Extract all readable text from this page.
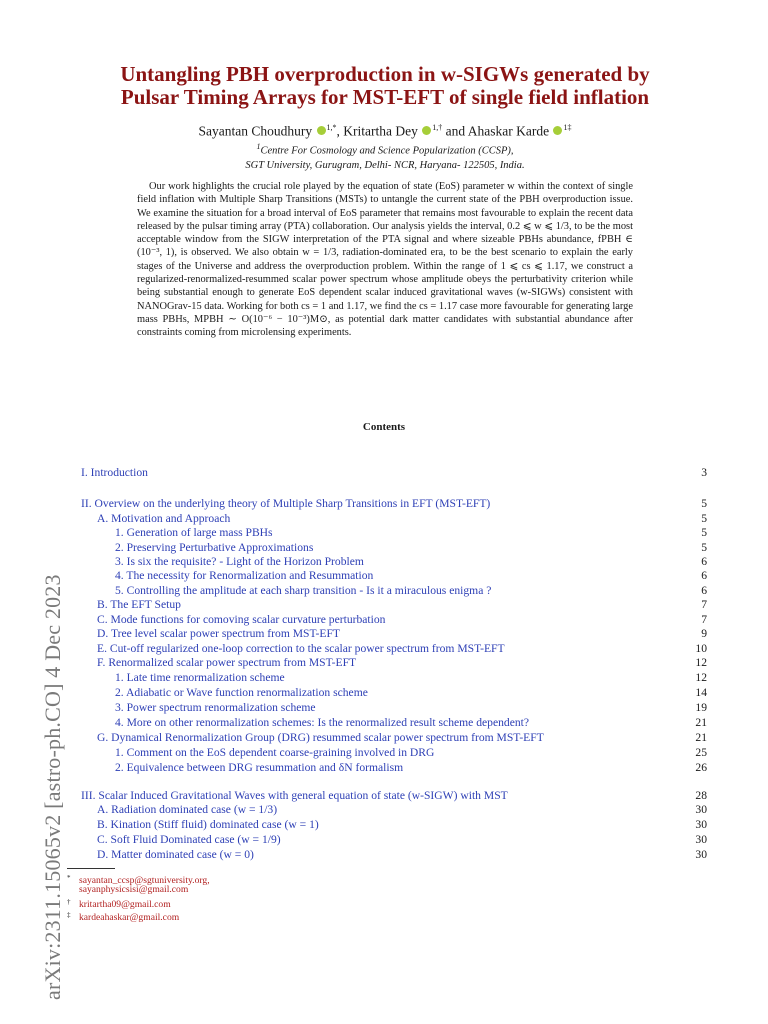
arXiv:2311.15065v2 [astro-ph.CO] 4 Dec 2023
Untangling PBH overproduction in w-SIGWs generated by
Pulsar Timing Arrays for MST-EFT of single field inflation
Sayantan Choudhury $^{1,*}$, Kritartha Dey $^{1,\dagger}$ and Ahaskar Karde $^{1\ddagger}$
$^1$Centre For Cosmology and Science Popularization (CCSP),
SGT University, Gurugram, Delhi- NCR, Haryana- 122505, India.
Our work highlights the crucial role played by the equation of state (EoS) parameter w within the context of single field inflation with Multiple Sharp Transitions (MSTs) to untangle the current state of the PBH overproduction issue. We examine the situation for a broad interval of EoS parameter that remains most favourable to explain the recent data released by the pulsar timing array (PTA) collaboration. Our analysis yields the interval, 0.2 ⩽ w ⩽ 1/3, to be the most acceptable window from the SIGW interpretation of the PTA signal and where sizeable PBHs abundance, fPBH ∈ (10⁻³, 1), is observed. We also obtain w = 1/3, radiation-dominated era, to be the best scenario to explain the early stages of the Universe and address the overproduction problem. Within the range of 1 ⩽ cs ⩽ 1.17, we construct a regularized-renormalized-resummed scalar power spectrum whose amplitude obeys the perturbativity criterion while being substantial enough to generate EoS dependent scalar induced gravitational waves (w-SIGWs) consistent with NANOGrav-15 data. Working for both cs = 1 and 1.17, we find the cs = 1.17 case more favourable for generating large mass PBHs, MPBH ∼ O(10⁻⁶ − 10⁻³)M⊙, as potential dark matter candidates with substantial abundance after constraints coming from microlensing experiments.
Contents
I. Introduction	3
II. Overview on the underlying theory of Multiple Sharp Transitions in EFT (MST-EFT)	5
A. Motivation and Approach	5
1. Generation of large mass PBHs	5
2. Preserving Perturbative Approximations	5
3. Is six the requisite? - Light of the Horizon Problem	6
4. The necessity for Renormalization and Resummation	6
5. Controlling the amplitude at each sharp transition - Is it a miraculous enigma ?	6
B. The EFT Setup	7
C. Mode functions for comoving scalar curvature perturbation	7
D. Tree level scalar power spectrum from MST-EFT	9
E. Cut-off regularized one-loop correction to the scalar power spectrum from MST-EFT	10
F. Renormalized scalar power spectrum from MST-EFT	12
1. Late time renormalization scheme	12
2. Adiabatic or Wave function renormalization scheme	14
3. Power spectrum renormalization scheme	19
4. More on other renormalization schemes: Is the renormalized result scheme dependent?	21
G. Dynamical Renormalization Group (DRG) resummed scalar power spectrum from MST-EFT	21
1. Comment on the EoS dependent coarse-graining involved in DRG	25
2. Equivalence between DRG resummation and δN formalism	26
III. Scalar Induced Gravitational Waves with general equation of state (w-SIGW) with MST	28
A. Radiation dominated case (w = 1/3)	30
B. Kination (Stiff fluid) dominated case (w = 1)	30
C. Soft Fluid Dominated case (w = 1/9)	30
D. Matter dominated case (w = 0)	30
* sayantan_ccsp@sgtuniversity.org,
sayanphysicsisi@gmail.com
† kritartha09@gmail.com
‡ kardeahaskar@gmail.com
